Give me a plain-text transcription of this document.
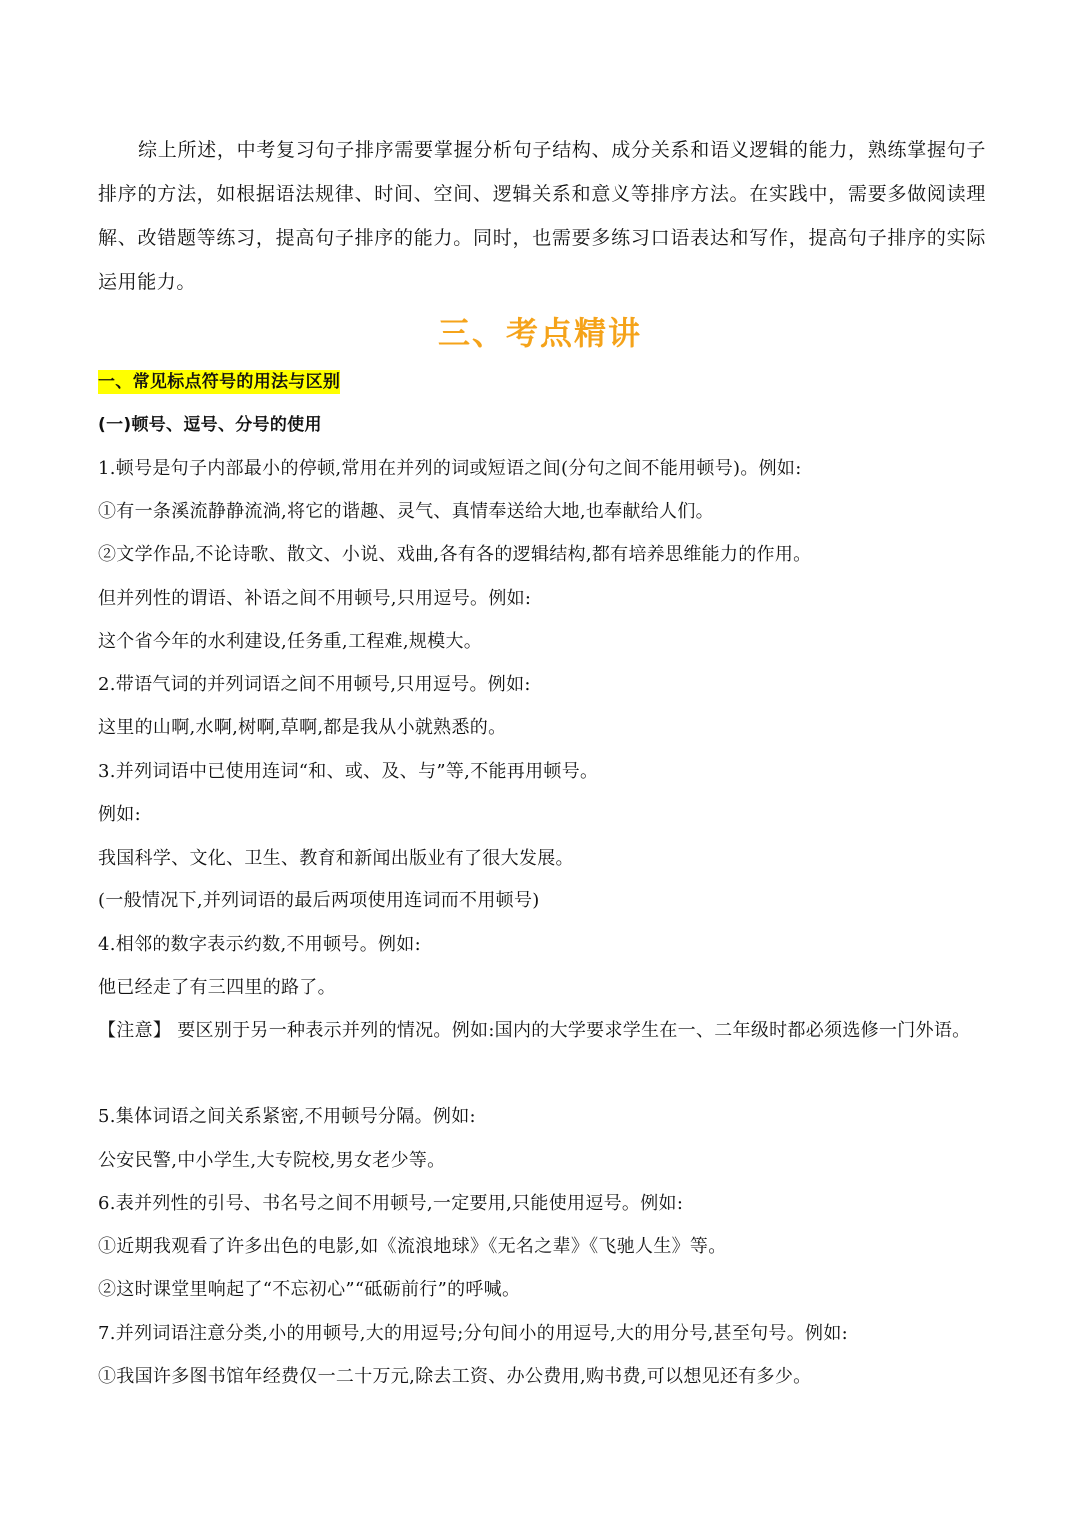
综上所述，中考复习句子排序需要掌握分析句子结构、成分关系和语义逻辑的能力，熟练掌握句子排序的方法，如根据语法规律、时间、空间、逻辑关系和意义等排序方法。在实践中，需要多做阅读理解、改错题等练习，提高句子排序的能力。同时，也需要多练习口语表达和写作，提高句子排序的实际运用能力。
三、考点精讲
一、常见标点符号的用法与区别
(一)顿号、逗号、分号的使用
1.顿号是句子内部最小的停顿,常用在并列的词或短语之间(分句之间不能用顿号)。例如:
①有一条溪流静静流淌,将它的谐趣、灵气、真情奉送给大地,也奉献给人们。
②文学作品,不论诗歌、散文、小说、戏曲,各有各的逻辑结构,都有培养思维能力的作用。
但并列性的谓语、补语之间不用顿号,只用逗号。例如:
这个省今年的水利建设,任务重,工程难,规模大。
2.带语气词的并列词语之间不用顿号,只用逗号。例如:
这里的山啊,水啊,树啊,草啊,都是我从小就熟悉的。
3.并列词语中已使用连词“和、或、及、与”等,不能再用顿号。
例如:
我国科学、文化、卫生、教育和新闻出版业有了很大发展。
(一般情况下,并列词语的最后两项使用连词而不用顿号)
4.相邻的数字表示约数,不用顿号。例如:
他已经走了有三四里的路了。
【注意】 要区别于另一种表示并列的情况。例如:国内的大学要求学生在一、二年级时都必须选修一门外语。
5.集体词语之间关系紧密,不用顿号分隔。例如:
公安民警,中小学生,大专院校,男女老少等。
6.表并列性的引号、书名号之间不用顿号,一定要用,只能使用逗号。例如:
①近期我观看了许多出色的电影,如《流浪地球》《无名之辈》《飞驰人生》等。
②这时课堂里响起了“不忘初心”“砥砺前行”的呼喊。
7.并列词语注意分类,小的用顿号,大的用逗号;分句间小的用逗号,大的用分号,甚至句号。例如:
①我国许多图书馆年经费仅一二十万元,除去工资、办公费用,购书费,可以想见还有多少。
